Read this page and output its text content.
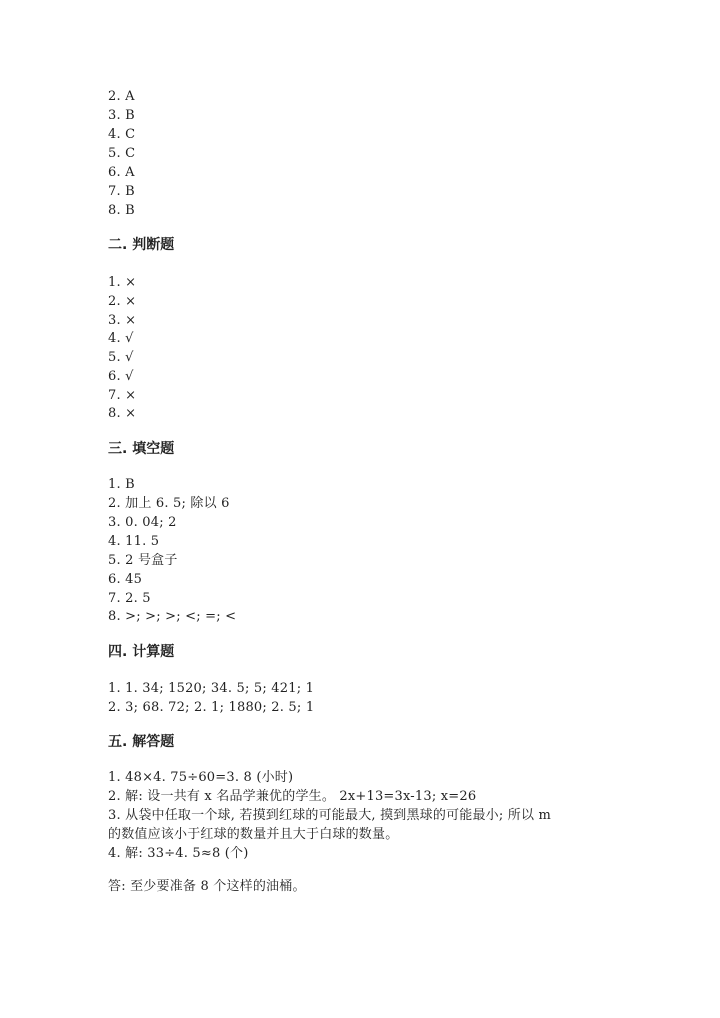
2. A
3. B
4. C
5. C
6. A
7. B
8. B
二. 判断题
1. ×
2. ×
3. ×
4. √
5. √
6. √
7. ×
8. ×
三. 填空题
1. B
2. 加上 6. 5; 除以 6
3. 0. 04; 2
4. 11. 5
5. 2 号盒子
6. 45
7. 2. 5
8. >; >; >; <; =; <
四. 计算题
1. 1. 34; 1520; 34. 5; 5; 421; 1
2. 3; 68. 72; 2. 1; 1880; 2. 5; 1
五. 解答题
1. 48×4. 75÷60=3. 8 (小时)
2. 解: 设一共有 x 名品学兼优的学生。 2x+13=3x-13; x=26
3. 从袋中任取一个球, 若摸到红球的可能最大, 摸到黑球的可能最小; 所以 m
的数值应该小于红球的数量并且大于白球的数量。
4. 解: 33÷4. 5≈8 (个)
答: 至少要准备 8 个这样的油桶。
